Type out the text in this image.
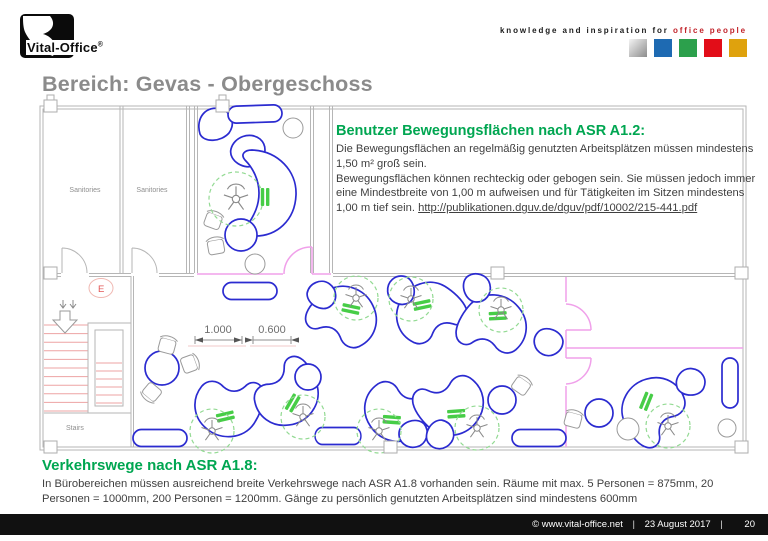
E
1.000 0.600
Sanitories	Sanitories
Stairs
Vital-Office®
knowledge and inspiration for office people
Bereich: Gevas - Obergeschoss
Benutzer Bewegungsflächen nach ASR A1.2:

Die Bewegungsflächen an regelmäßig genutzten Arbeitsplätzen müssen mindestens 1,50 m² groß sein.

Bewegungsflächen können rechteckig oder gebogen sein. Sie müssen jedoch immer eine Mindestbreite von 1,00 m aufweisen und für Tätigkeiten im Sitzen mindestens 1,00 m tief sein. http://publikationen.dguv.de/dguv/pdf/10002/215-441.pdf

Verkehrswege nach ASR A1.8:

In Bürobereichen müssen ausreichend breite Verkehrswege nach ASR A1.8 vorhanden sein. Räume mit max. 5 Personen = 875mm, 20 Personen = 1000mm, 200 Personen = 1200mm. Gänge zu persönlich genutzten Arbeitsplätzen sind mindestens 600mm

© www.vital-office.net | 23 August 2017 | 20
